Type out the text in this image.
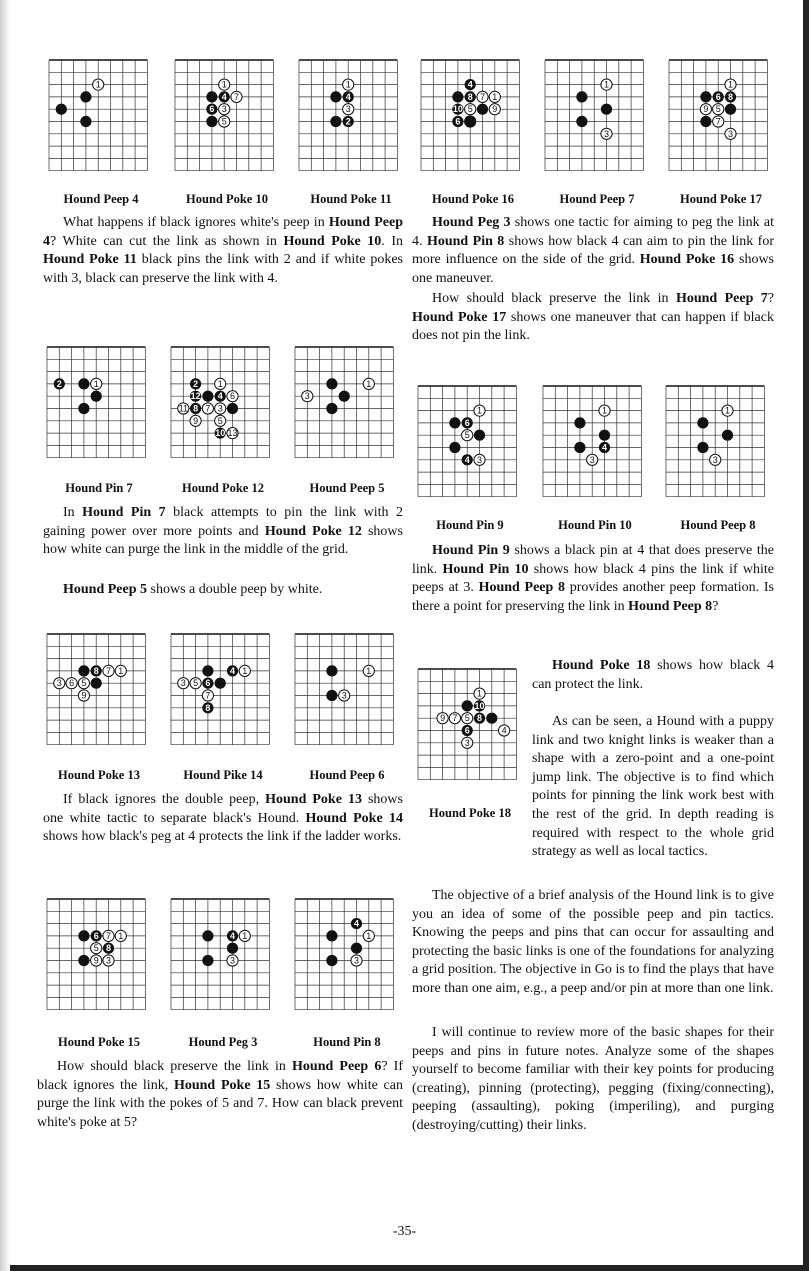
1
Hound Peep 4
1
4 7
6 3
5
Hound Poke 10
1
4
3
2
Hound Poke 11
4
8 7 1
10 5 9
6
Hound Poke 16
1
3
Hound Peep 7
1
6 8
9 5
7
3
Hound Poke 17

What happens if black ignores white's peep in Hound Peep 4? White can cut the link as shown in Hound Poke 10. In Hound Poke 11 black pins the link with 2 and if white pokes with 3, black can preserve the link with 4.

Hound Peg 3 shows one tactic for aiming to peg the link at 4. Hound Pin 8 shows how black 4 can aim to pin the link for more influence on the side of the grid. Hound Poke 16 shows one maneuver.

How should black preserve the link in Hound Peep 7? Hound Poke 17 shows one maneuver that can happen if black does not pin the link.

2	1
Hound Pin 7
2 1
12 4 6
11 8 7 3
9 5
10 13
Hound Poke 12
1
3
Hound Peep 5

In Hound Pin 7 black attempts to pin the link with 2 gaining power over more points and Hound Poke 12 shows how white can purge the link in the middle of the grid.

Hound Peep 5 shows a double peep by white.

1
6
5
4 3
Hound Pin 9
1
4
3
Hound Pin 10
1
3
Hound Peep 8

Hound Pin 9 shows a black pin at 4 that does preserve the link. Hound Pin 10 shows how black 4 pins the link if white peeps at 3. Hound Peep 8 provides another peep formation. Is there a point for preserving the link in Hound Peep 8?

8 7 1
3 6 5
9
Hound Poke 13
4 1
3 5 6
7
8
Hound Pike 14
1
3
Hound Peep 6

If black ignores the double peep, Hound Poke 13 shows one white tactic to separate black's Hound. Hound Poke 14 shows how black's peg at 4 protects the link if the ladder works.

1
10
9 7 5 8
6	4
3
Hound Poke 18

Hound Poke 18 shows how black 4 can protect the link.

As can be seen, a Hound with a puppy link and two knight links is weaker than a shape with a zero-point and a one-point jump link. The objective is to find which points for pinning the link work best with the rest of the grid. In depth reading is required with respect to the whole grid strategy as well as local tactics.

The objective of a brief analysis of the Hound link is to give you an idea of some of the possible peep and pin tactics. Knowing the peeps and pins that can occur for assaulting and protecting the basic links is one of the foundations for analyzing a grid position. The objective in Go is to find the plays that have more than one aim, e.g., a peep and/or pin at more than one link.

I will continue to review more of the basic shapes for their peeps and pins in future notes. Analyze some of the shapes yourself to become familiar with their key points for producing (creating), pinning (protecting), pegging (fixing/connecting), peeping (assaulting), poking (imperiling), and purging (destroying/cutting) their links.

6 7 1
5 8
9 3
Hound Poke 15
4 1
3
Hound Peg 3
4
1
3
Hound Pin 8

How should black preserve the link in Hound Peep 6? If black ignores the link, Hound Poke 15 shows how white can purge the link with the pokes of 5 and 7. How can black prevent white's poke at 5?

-35-
